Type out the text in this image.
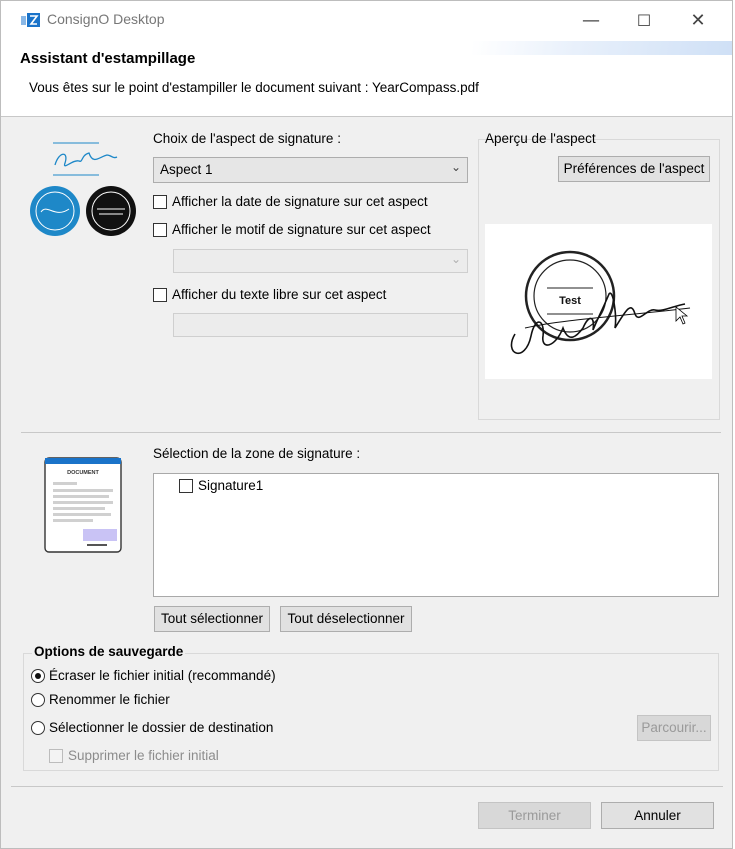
ConsignO Desktop	—	☐	✕
Assistant d'estampillage
Vous êtes sur le point d'estampiller le document suivant : YearCompass.pdf
Choix de l'aspect de signature :
Aspect 1	⌄
Afficher la date de signature sur cet aspect
Afficher le motif de signature sur cet aspect
⌄
Afficher du texte libre sur cet aspect
Aperçu de l'aspect
Préférences de l'aspect
Test
DOCUMENT
Sélection de la zone de signature :
Signature1
Tout sélectionner	Tout déselectionner
Options de sauvegarde
Écraser le fichier initial (recommandé)
Renommer le fichier
Sélectionner le dossier de destination	Parcourir...
Supprimer le fichier initial
Terminer	Annuler
